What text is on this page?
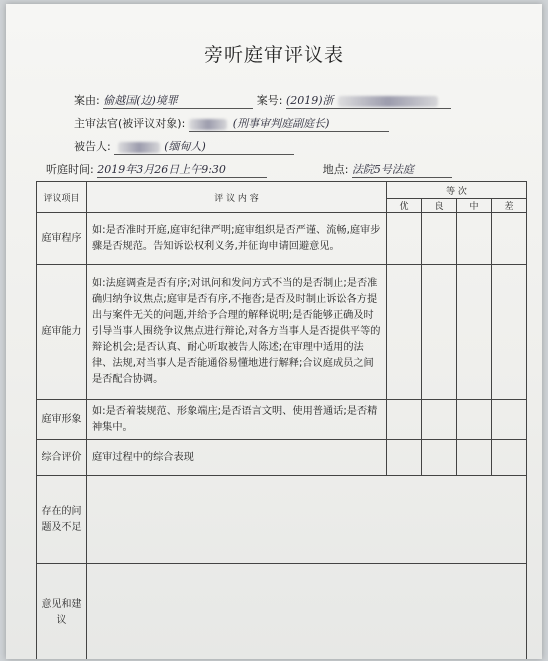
旁听庭审评议表
案由: 偷越国(边)境罪	案号: (2019)浙
主审法官(被评议对象):	(刑事审判庭副庭长)
被告人:	(缅甸人)
听庭时间: 2019年3月26日上午9:30	地点: 法院5号法庭
评议项目	评 议 内 容	等 次			
		优	良	中	差
庭审程序	如:是否准时开庭,庭审纪律严明;庭审组织是否严谨、流畅,庭审步骤是否规范。告知诉讼权利义务,并征询申请回避意见。				
庭审能力	如:法庭调查是否有序;对讯问和发问方式不当的是否制止;是否准确归纳争议焦点;庭审是否有序,不拖沓;是否及时制止诉讼各方提出与案件无关的问题,并给予合理的解释说明;是否能够正确及时引导当事人围绕争议焦点进行辩论,对各方当事人是否提供平等的辩论机会;是否认真、耐心听取被告人陈述;在审理中适用的法律、法规,对当事人是否能通俗易懂地进行解释;合议庭成员之间是否配合协调。				
庭审形象	如:是否着装规范、形象端庄;是否语言文明、使用普通话;是否精神集中。				
综合评价	庭审过程中的综合表现				
存在的问题及不足					
意见和建议					
